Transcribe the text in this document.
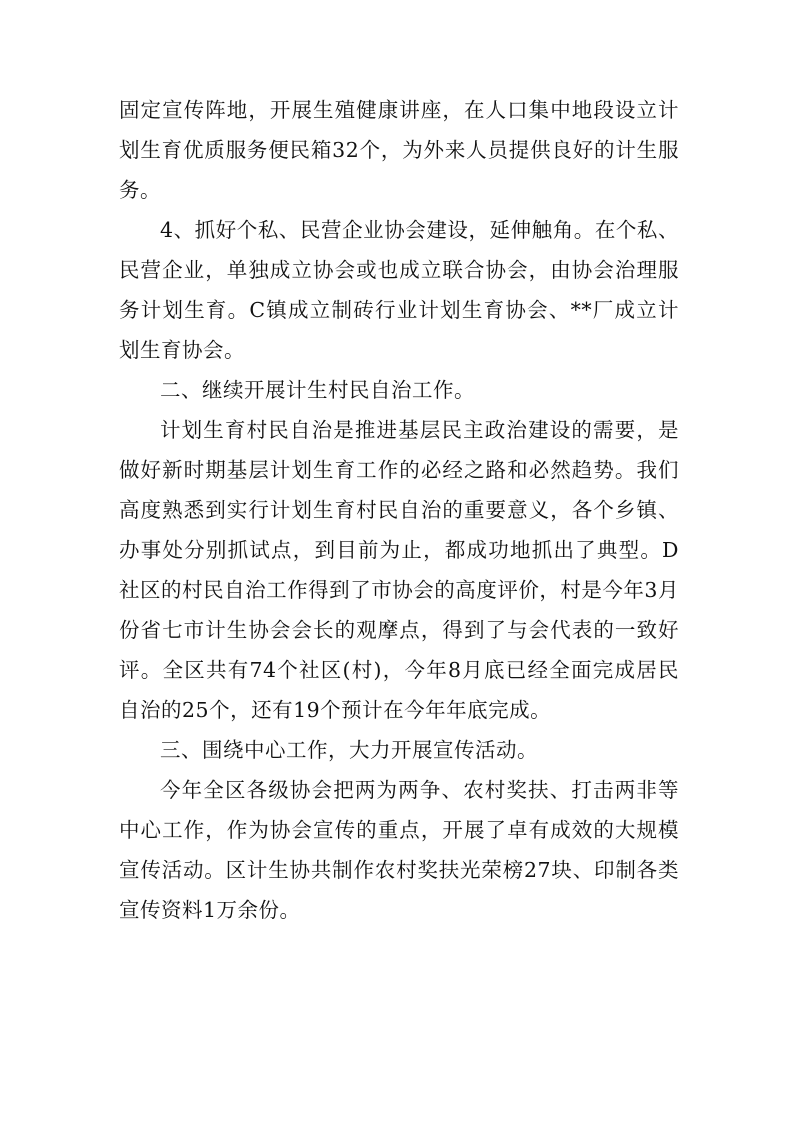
固定宣传阵地，开展生殖健康讲座，在人口集中地段设立计划生育优质服务便民箱32个，为外来人员提供良好的计生服务。

4、抓好个私、民营企业协会建设，延伸触角。在个私、民营企业，单独成立协会或也成立联合协会，由协会治理服务计划生育。C镇成立制砖行业计划生育协会、**厂成立计划生育协会。

二、继续开展计生村民自治工作。

计划生育村民自治是推进基层民主政治建设的需要，是做好新时期基层计划生育工作的必经之路和必然趋势。我们高度熟悉到实行计划生育村民自治的重要意义，各个乡镇、办事处分别抓试点，到目前为止，都成功地抓出了典型。D社区的村民自治工作得到了市协会的高度评价，村是今年3月份省七市计生协会会长的观摩点，得到了与会代表的一致好评。全区共有74个社区(村)，今年8月底已经全面完成居民自治的25个，还有19个预计在今年年底完成。

三、围绕中心工作，大力开展宣传活动。

今年全区各级协会把两为两争、农村奖扶、打击两非等中心工作，作为协会宣传的重点，开展了卓有成效的大规模宣传活动。区计生协共制作农村奖扶光荣榜27块、印制各类宣传资料1万余份。
